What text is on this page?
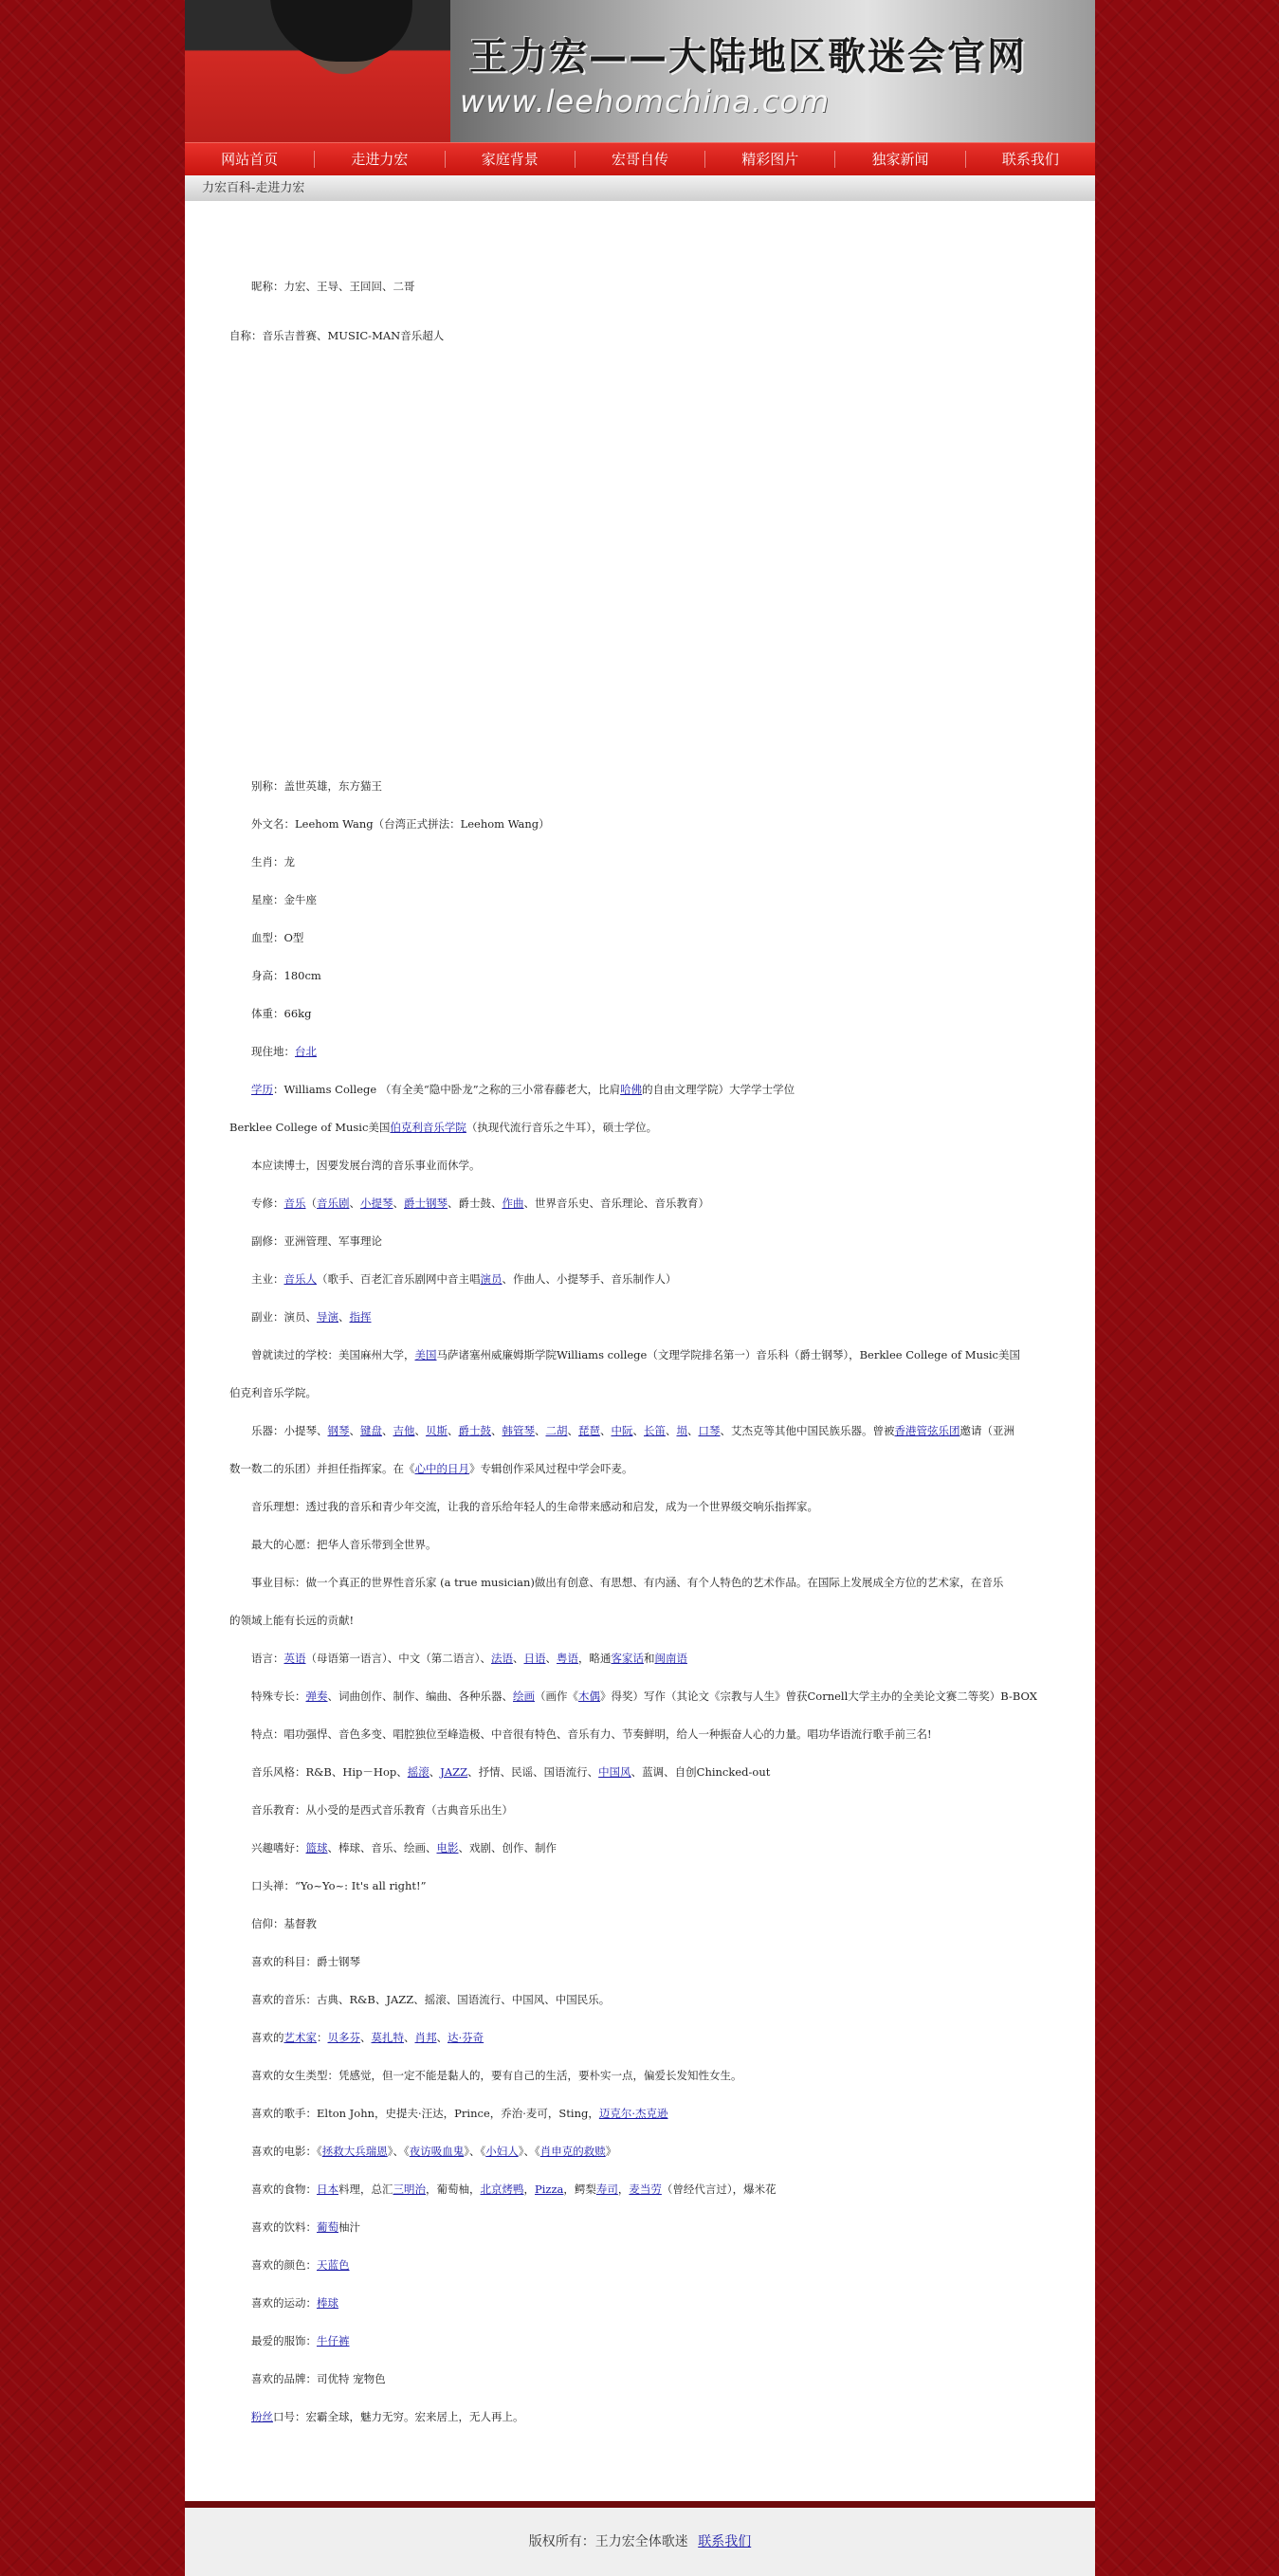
王力宏——大陆地区歌迷会官网
www.leehomchina.com
网站首页	走进力宏	家庭背景	宏哥自传	精彩图片	独家新闻	联系我们
力宏百科-走进力宏
昵称：力宏、王导、王回回、二哥
自称：音乐吉普赛、MUSIC-MAN音乐超人
别称：盖世英雄，东方猫王
外文名：Leehom Wang（台湾正式拼法：Leehom Wang）
生肖：龙
星座：金牛座
血型：O型
身高：180cm
体重：66kg
现住地：台北
学历：Williams College （有全美“隐中卧龙”之称的三小常春藤老大，比肩哈佛的自由文理学院）大学学士学位
Berklee College of Music美国伯克利音乐学院（执现代流行音乐之牛耳），硕士学位。
本应读博士，因要发展台湾的音乐事业而休学。
专修：音乐（音乐剧、小提琴、爵士钢琴、爵士鼓、作曲、世界音乐史、音乐理论、音乐教育）
副修：亚洲管理、军事理论
主业：音乐人（歌手、百老汇音乐剧网中音主唱演员、作曲人、小提琴手、音乐制作人）
副业：演员、导演、指挥
曾就读过的学校：美国麻州大学，美国马萨诸塞州威廉姆斯学院Williams college（文理学院排名第一）音乐科（爵士钢琴），Berklee College of Music美国
伯克利音乐学院。
乐器：小提琴、钢琴、键盘、吉他、贝斯、爵士鼓、韩管琴、二胡、琵琶、中阮、长笛、埙、口琴、艾杰克等其他中国民族乐器。曾被香港管弦乐团邀请（亚洲
数一数二的乐团）并担任指挥家。在《心中的日月》专辑创作采风过程中学会吓麦。
音乐理想：透过我的音乐和青少年交流，让我的音乐给年轻人的生命带来感动和启发，成为一个世界级交响乐指挥家。
最大的心愿：把华人音乐带到全世界。
事业目标：做一个真正的世界性音乐家 (a true musician)做出有创意、有思想、有内涵、有个人特色的艺术作品。在国际上发展成全方位的艺术家，在音乐
的领域上能有长远的贡献!
语言：英语（母语第一语言）、中文（第二语言）、法语、日语、粤语，略通客家话和闽南语
特殊专长：弹奏、词曲创作、制作、编曲、各种乐器、绘画（画作《木偶》得奖）写作（其论文《宗教与人生》曾获Cornell大学主办的全美论文赛二等奖）B-BOX
特点：唱功强悍、音色多变、唱腔独位至峰造极、中音很有特色、音乐有力、节奏鲜明，给人一种振奋人心的力量。唱功华语流行歌手前三名!
音乐风格：R&B、Hip－Hop、摇滚、JAZZ、抒情、民谣、国语流行、中国风、蓝调、自创Chincked-out
音乐教育：从小受的是西式音乐教育（古典音乐出生）
兴趣嗜好：篮球、棒球、音乐、绘画、电影、戏剧、创作、制作
口头禅：“Yo~Yo~: It's all right!”
信仰：基督教
喜欢的科目：爵士钢琴
喜欢的音乐：古典、R&B、JAZZ、摇滚、国语流行、中国风、中国民乐。
喜欢的艺术家：贝多芬、莫扎特、肖邦、达·芬奇
喜欢的女生类型：凭感觉，但一定不能是黏人的，要有自己的生活，要朴实一点，偏爱长发知性女生。
喜欢的歌手：Elton John，史提夫·汪达，Prince，乔治·麦可，Sting，迈克尔·杰克逊
喜欢的电影：《拯救大兵瑞恩》、《夜访吸血鬼》、《小妇人》、《肖申克的救赎》
喜欢的食物：日本料理，总汇三明治，葡萄柚，北京烤鸭，Pizza，鳄梨寿司，麦当劳（曾经代言过），爆米花
喜欢的饮料：葡萄柚汁
喜欢的颜色：天蓝色
喜欢的运动：棒球
最爱的服饰：牛仔裤
喜欢的品牌：司优特 宠物色
粉丝口号：宏霸全球，魅力无穷。宏来居上，无人再上。
版权所有：王力宏全体歌迷 联系我们
